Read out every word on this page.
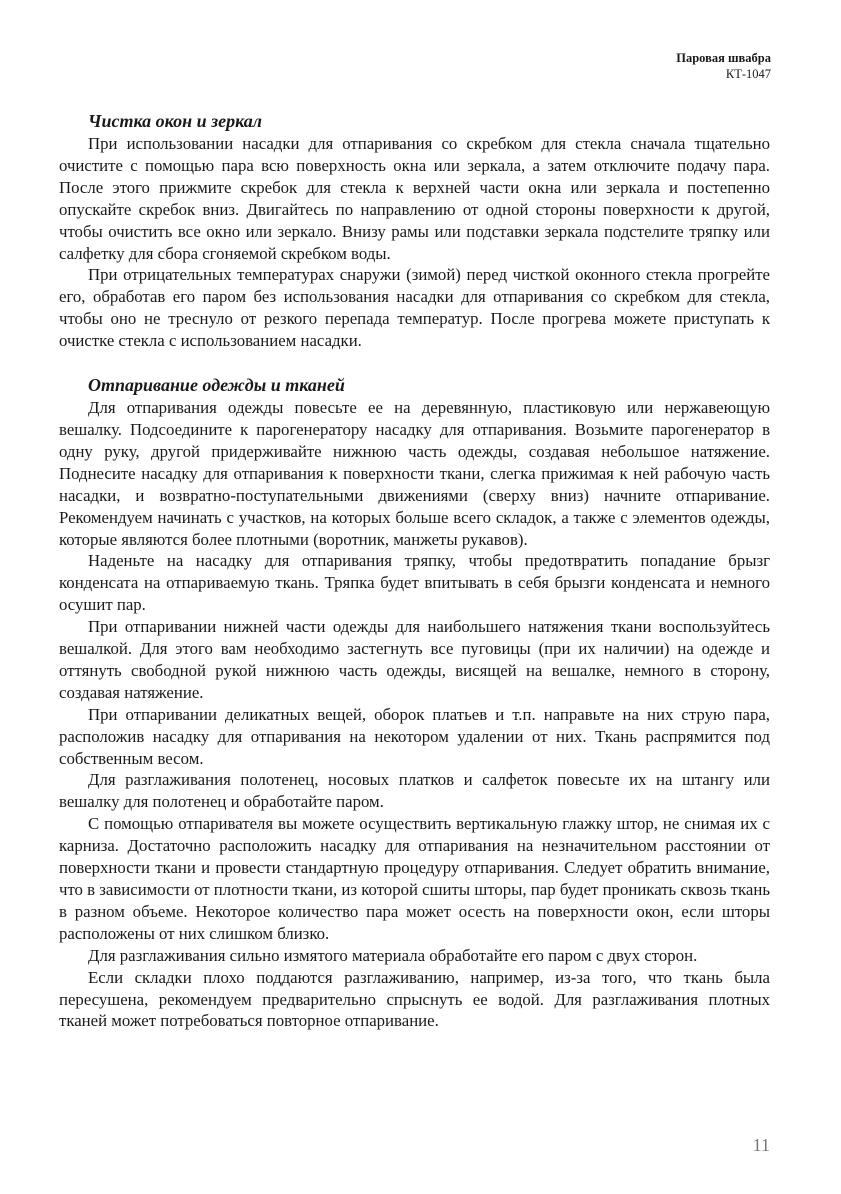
Паровая швабра
КТ-1047
Чистка окон и зеркал

При использовании насадки для отпаривания со скребком для стекла сначала тщательно очистите с помощью пара всю поверхность окна или зеркала, а затем отключите подачу пара. После этого прижмите скребок для стекла к верхней части окна или зеркала и постепенно опускайте скребок вниз. Двигайтесь по направлению от одной стороны поверхности к другой, чтобы очистить все окно или зеркало. Внизу рамы или подставки зеркала подстелите тряпку или салфетку для сбора сгоняемой скребком воды.

При отрицательных температурах снаружи (зимой) перед чисткой оконного стекла прогрейте его, обработав его паром без использования насадки для отпаривания со скребком для стекла, чтобы оно не треснуло от резкого перепада температур. После прогрева можете приступать к очистке стекла с использованием насадки.

Отпаривание одежды и тканей

Для отпаривания одежды повесьте ее на деревянную, пластиковую или нержавеющую вешалку. Подсоедините к парогенератору насадку для отпаривания. Возьмите парогенератор в одну руку, другой придерживайте нижнюю часть одежды, создавая небольшое натяжение. Поднесите насадку для отпаривания к поверхности ткани, слегка прижимая к ней рабочую часть насадки, и возвратно-поступательными движениями (сверху вниз) начните отпаривание. Рекомендуем начинать с участков, на которых больше всего складок, а также с элементов одежды, которые являются более плотными (воротник, манжеты рукавов).

Наденьте на насадку для отпаривания тряпку, чтобы предотвратить попадание брызг конденсата на отпариваемую ткань. Тряпка будет впитывать в себя брызги конденсата и немного осушит пар.

При отпаривании нижней части одежды для наибольшего натяжения ткани воспользуйтесь вешалкой. Для этого вам необходимо застегнуть все пуговицы (при их наличии) на одежде и оттянуть свободной рукой нижнюю часть одежды, висящей на вешалке, немного в сторону, создавая натяжение.

При отпаривании деликатных вещей, оборок платьев и т.п. направьте на них струю пара, расположив насадку для отпаривания на некотором удалении от них. Ткань распрямится под собственным весом.

Для разглаживания полотенец, носовых платков и салфеток повесьте их на штангу или вешалку для полотенец и обработайте паром.

С помощью отпаривателя вы можете осуществить вертикальную глажку штор, не снимая их с карниза. Достаточно расположить насадку для отпаривания на незначительном расстоянии от поверхности ткани и провести стандартную процедуру отпаривания. Следует обратить внимание, что в зависимости от плотности ткани, из которой сшиты шторы, пар будет проникать сквозь ткань в разном объеме. Некоторое количество пара может осесть на поверхности окон, если шторы расположены от них слишком близко.

Для разглаживания сильно измятого материала обработайте его паром с двух сторон.

Если складки плохо поддаются разглаживанию, например, из-за того, что ткань была пересушена, рекомендуем предварительно спрыснуть ее водой. Для разглаживания плотных тканей может потребоваться повторное отпаривание.

11
